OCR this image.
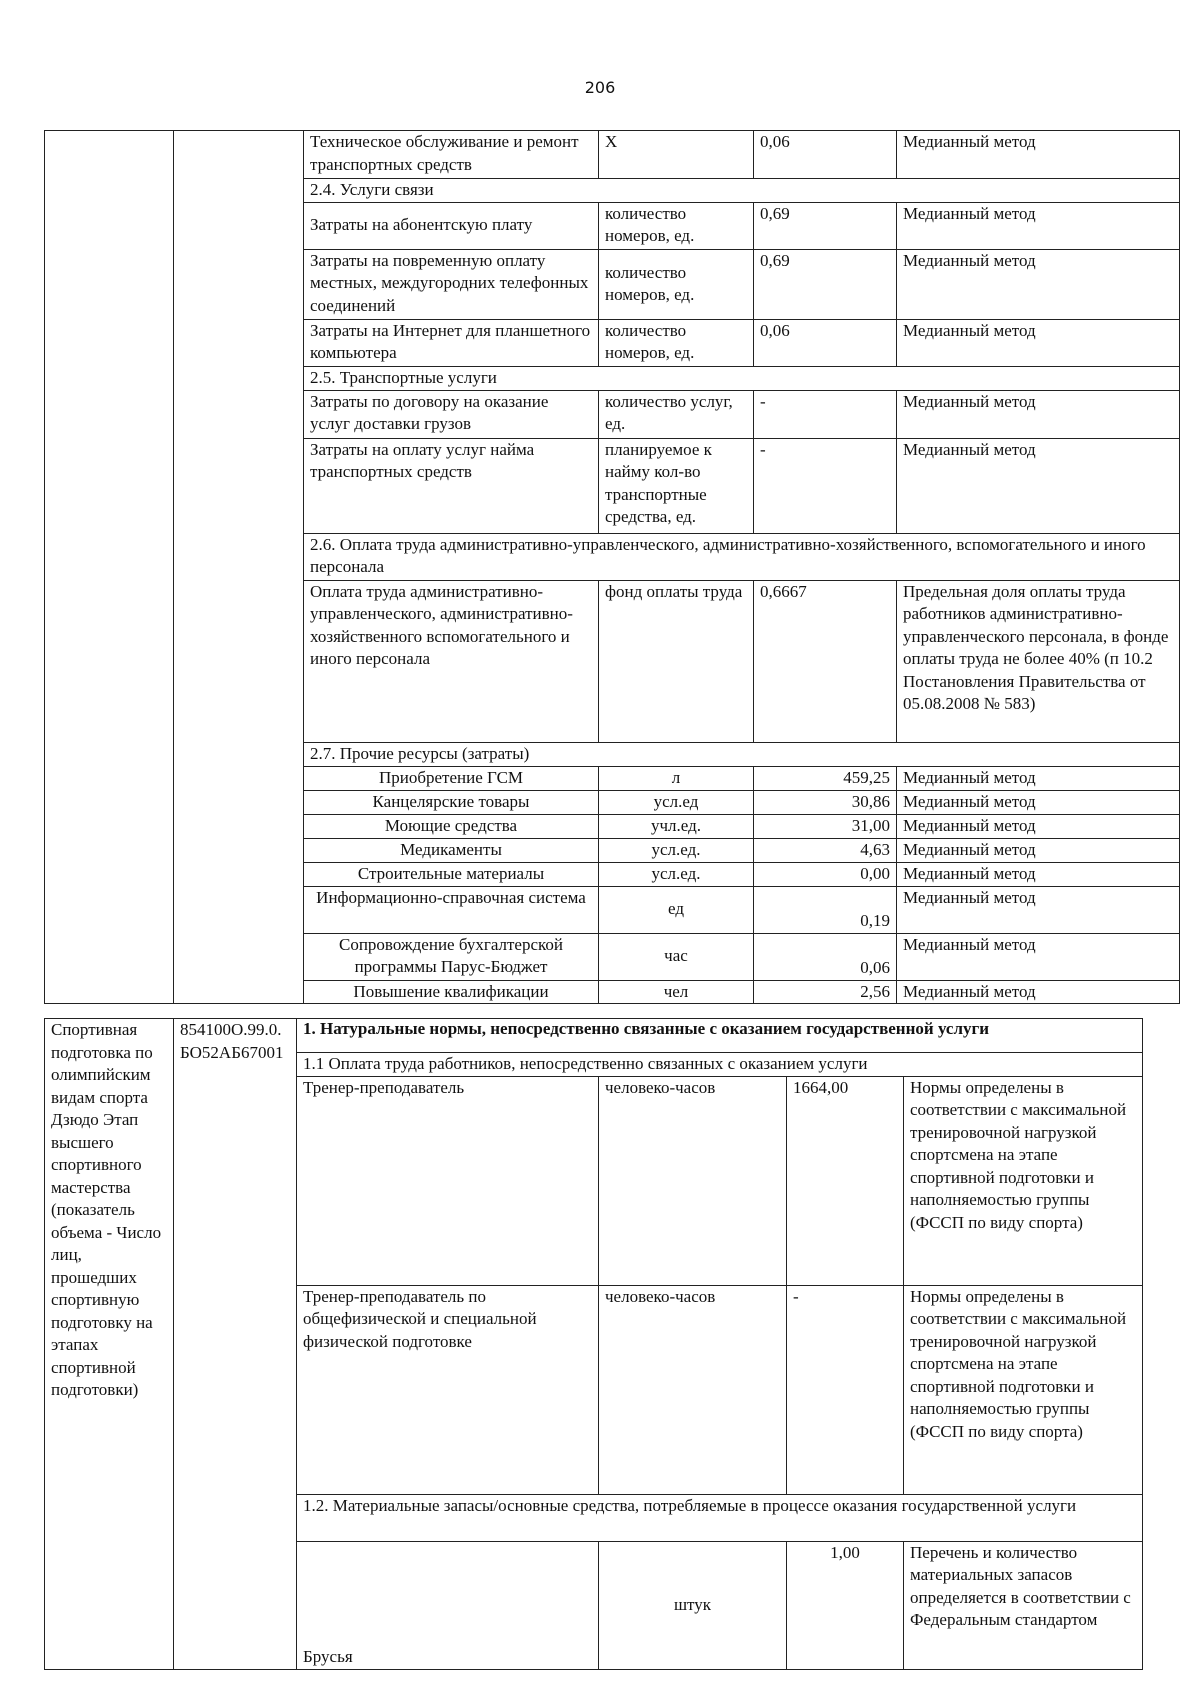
206
		Техническое обслуживание и ремонт транспортных средств	Х	0,06	Медианный метод
		2.4. Услуги связи			
		Затраты на абонентскую плату	количество номеров, ед.	0,69	Медианный метод
		Затраты на повременную оплату местных, междугородних телефонных соединений	количество номеров, ед.	0,69	Медианный метод
		Затраты на Интернет для планшетного компьютера	количество номеров, ед.	0,06	Медианный метод
		2.5. Транспортные услуги			
		Затраты по договору на оказание услуг доставки грузов	количество услуг, ед.	-	Медианный метод
		Затраты на оплату услуг найма транспортных средств	планируемое к найму кол-во транспортные средства, ед.	-	Медианный метод
		2.6. Оплата труда административно-управленческого, административно-хозяйственного, вспомогательного и иного персонала			
		Оплата труда административно-управленческого, административно-хозяйственного вспомогательного и иного персонала	фонд оплаты труда	0,6667	Предельная доля оплаты труда работников административно-управленческого персонала, в фонде оплаты труда не более 40% (п 10.2 Постановления Правительства от 05.08.2008 № 583)
		2.7. Прочие ресурсы (затраты)			
		Приобретение ГСМ	л	459,25	Медианный метод
		Канцелярские товары	усл.ед	30,86	Медианный метод
		Моющие средства	учл.ед.	31,00	Медианный метод
		Медикаменты	усл.ед.	4,63	Медианный метод
		Строительные материалы	усл.ед.	0,00	Медианный метод
		Информационно-справочная система	ед	0,19	Медианный метод
		Сопровождение бухгалтерской программы Парус-Бюджет	час	0,06	Медианный метод
		Повышение квалификации	чел	2,56	Медианный метод
Спортивная подготовка по олимпийским видам спорта Дзюдо Этап высшего спортивного мастерства (показатель объема - Число лиц, прошедших спортивную подготовку на этапах спортивной подготовки)	854100О.99.0.БО52АБ67001	1. Натуральные нормы, непосредственно связанные с оказанием государственной услуги			
		1.1 Оплата труда работников, непосредственно связанных с оказанием услуги			
		Тренер-преподаватель	человеко-часов	1664,00	Нормы определены в соответствии с максимальной тренировочной нагрузкой спортсмена на этапе спортивной подготовки и наполняемостью группы (ФССП по виду спорта)
		Тренер-преподаватель по общефизической и специальной физической подготовке	человеко-часов	-	Нормы определены в соответствии с максимальной тренировочной нагрузкой спортсмена на этапе спортивной подготовки и наполняемостью группы (ФССП по виду спорта)
		1.2. Материальные запасы/основные средства, потребляемые в процессе оказания государственной услуги			
		Брусья	штук	1,00	Перечень и количество материальных запасов определяется в соответствии с Федеральным стандартом
